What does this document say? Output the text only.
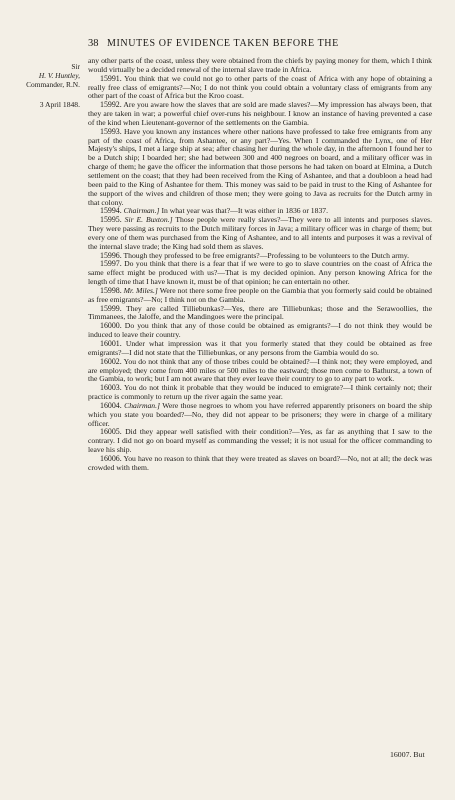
38 MINUTES OF EVIDENCE TAKEN BEFORE THE
Sir
H. V. Huntley,
Commander, R.N.
3 April 1848.

any other parts of the coast, unless they were obtained from the chiefs by paying money for them, which I think would virtually be a decided renewal of the internal slave trade in Africa.

15991. You think that we could not go to other parts of the coast of Africa with any hope of obtaining a really free class of emigrants?—No; I do not think you could obtain a voluntary class of emigrants from any other part of the coast of Africa but the Kroo coast.

15992. Are you aware how the slaves that are sold are made slaves?—My impression has always been, that they are taken in war; a powerful chief over-runs his neighbour. I know an instance of having prevented a case of the kind when Lieutenant-governor of the settlements on the Gambia.

15993. Have you known any instances where other nations have professed to take free emigrants from any part of the coast of Africa, from Ashantee, or any part?—Yes. When I commanded the Lynx, one of Her Majesty's ships, I met a large ship at sea; after chasing her during the whole day, in the afternoon I found her to be a Dutch ship; I boarded her; she had between 300 and 400 negroes on board, and a military officer was in charge of them; he gave the officer the information that those persons he had taken on board at Elmina, a Dutch settlement on the coast; that they had been received from the King of Ashantee, and that a doubloon a head had been paid to the King of Ashantee for them. This money was said to be paid in trust to the King of Ashantee for the support of the wives and children of those men; they were going to Java as recruits for the Dutch army in that colony.

15994. Chairman.] In what year was that?—It was either in 1836 or 1837.

15995. Sir E. Buxton.] Those people were really slaves?—They were to all intents and purposes slaves. They were passing as recruits to the Dutch military forces in Java; a military officer was in charge of them; but every one of them was purchased from the King of Ashantee, and to all intents and purposes it was a revival of the internal slave trade; the King had sold them as slaves.

15996. Though they professed to be free emigrants?—Professing to be volunteers to the Dutch army.

15997. Do you think that there is a fear that if we were to go to slave countries on the coast of Africa the same effect might be produced with us?—That is my decided opinion. Any person knowing Africa for the length of time that I have known it, must be of that opinion; he can entertain no other.

15998. Mr. Miles.] Were not there some free people on the Gambia that you formerly said could be obtained as free emigrants?—No; I think not on the Gambia.

15999. They are called Tilliebunkas?—Yes, there are Tilliebunkas; those and the Serawoollies, the Timmanees, the Jaloffe, and the Mandingoes were the principal.

16000. Do you think that any of those could be obtained as emigrants?—I do not think they would be induced to leave their country.

16001. Under what impression was it that you formerly stated that they could be obtained as free emigrants?—I did not state that the Tilliebunkas, or any persons from the Gambia would do so.

16002. You do not think that any of those tribes could be obtained?—I think not; they were employed, and are employed; they come from 400 miles or 500 miles to the eastward; those men come to Bathurst, a town of the Gambia, to work; but I am not aware that they ever leave their country to go to any part to work.

16003. You do not think it probable that they would be induced to emigrate?—I think certainly not; their practice is commonly to return up the river again the same year.

16004. Chairman.] Were those negroes to whom you have referred apparently prisoners on board the ship which you state you boarded?—No, they did not appear to be prisoners; they were in charge of a military officer.

16005. Did they appear well satisfied with their condition?—Yes, as far as anything that I saw to the contrary. I did not go on board myself as commanding the vessel; it is not usual for the officer commanding to leave his ship.

16006. You have no reason to think that they were treated as slaves on board?—No, not at all; the deck was crowded with them.

16007. But
